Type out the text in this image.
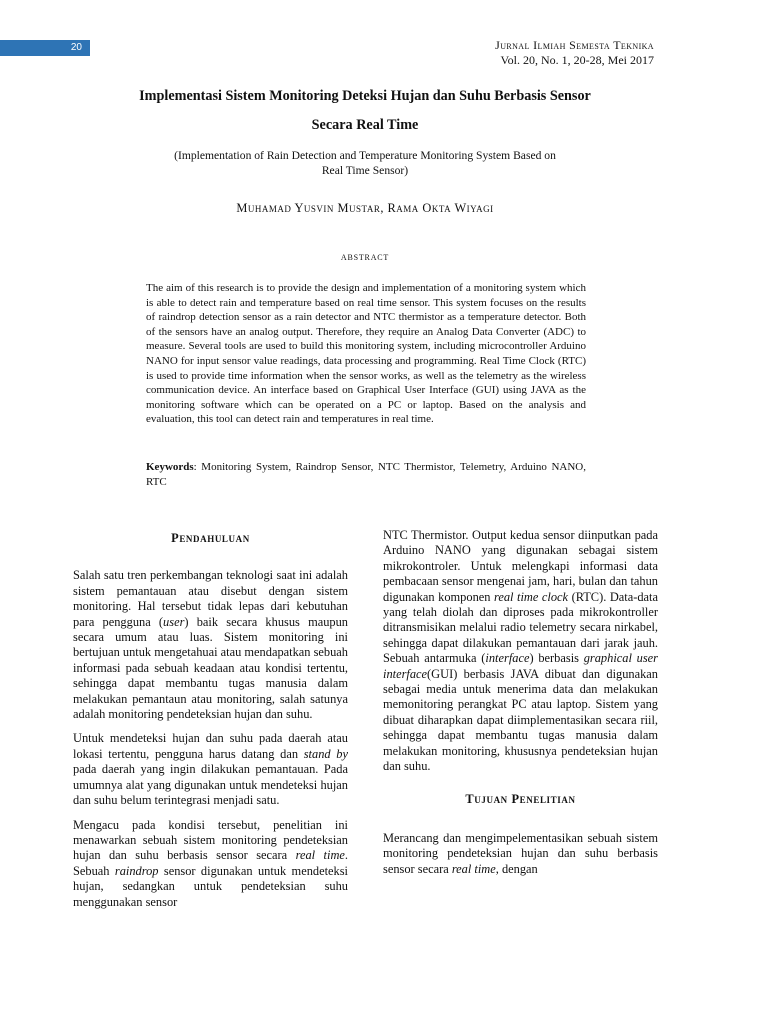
20	Jurnal Ilmiah Semesta Teknika
Vol. 20, No. 1, 20-28, Mei 2017
Implementasi Sistem Monitoring Deteksi Hujan dan Suhu Berbasis Sensor
Secara Real Time
(Implementation of Rain Detection and Temperature Monitoring System Based on
Real Time Sensor)
Muhamad Yusvin Mustar, Rama Okta Wiyagi
abstract
The aim of this research is to provide the design and implementation of a monitoring system which is able to detect rain and temperature based on real time sensor. This system focuses on the results of raindrop detection sensor as a rain detector and NTC thermistor as a temperature detector. Both of the sensors have an analog output. Therefore, they require an Analog Data Converter (ADC) to measure. Several tools are used to build this monitoring system, including microcontroller Arduino NANO for input sensor value readings, data processing and programming. Real Time Clock (RTC) is used to provide time information when the sensor works, as well as the telemetry as the wireless communication device. An interface based on Graphical User Interface (GUI) using JAVA as the monitoring software which can be operated on a PC or laptop. Based on the analysis and evaluation, this tool can detect rain and temperatures in real time.
Keywords: Monitoring System, Raindrop Sensor, NTC Thermistor, Telemetry, Arduino NANO, RTC
Pendahuluan

Salah satu tren perkembangan teknologi saat ini adalah sistem pemantauan atau disebut dengan sistem monitoring. Hal tersebut tidak lepas dari kebutuhan para pengguna (user) baik secara khusus maupun secara umum atau luas. Sistem monitoring ini bertujuan untuk mengetahuai atau mendapatkan sebuah informasi pada sebuah keadaan atau kondisi tertentu, sehingga dapat membantu tugas manusia dalam melakukan pemantaun atau monitoring, salah satunya adalah monitoring pendeteksian hujan dan suhu.

Untuk mendeteksi hujan dan suhu pada daerah atau lokasi tertentu, pengguna harus datang dan stand by pada daerah yang ingin dilakukan pemantauan. Pada umumnya alat yang digunakan untuk mendeteksi hujan dan suhu belum terintegrasi menjadi satu.

Mengacu pada kondisi tersebut, penelitian ini menawarkan sebuah sistem monitoring pendeteksian hujan dan suhu berbasis sensor secara real time. Sebuah raindrop sensor digunakan untuk mendeteksi hujan, sedangkan untuk pendeteksian suhu menggunakan sensor

NTC Thermistor. Output kedua sensor diinputkan pada Arduino NANO yang digunakan sebagai sistem mikrokontroler. Untuk melengkapi informasi data pembacaan sensor mengenai jam, hari, bulan dan tahun digunakan komponen real time clock (RTC). Data-data yang telah diolah dan diproses pada mikrokontroller ditransmisikan melalui radio telemetry secara nirkabel, sehingga dapat dilakukan pemantauan dari jarak jauh. Sebuah antarmuka (interface) berbasis graphical user interface(GUI) berbasis JAVA dibuat dan digunakan sebagai media untuk menerima data dan melakukan memonitoring perangkat PC atau laptop. Sistem yang dibuat diharapkan dapat diimplementasikan secara riil, sehingga dapat membantu tugas manusia dalam melakukan monitoring, khususnya pendeteksian hujan dan suhu.

Tujuan Penelitian

Merancang dan mengimpelementasikan sebuah sistem monitoring pendeteksian hujan dan suhu berbasis sensor secara real time, dengan
